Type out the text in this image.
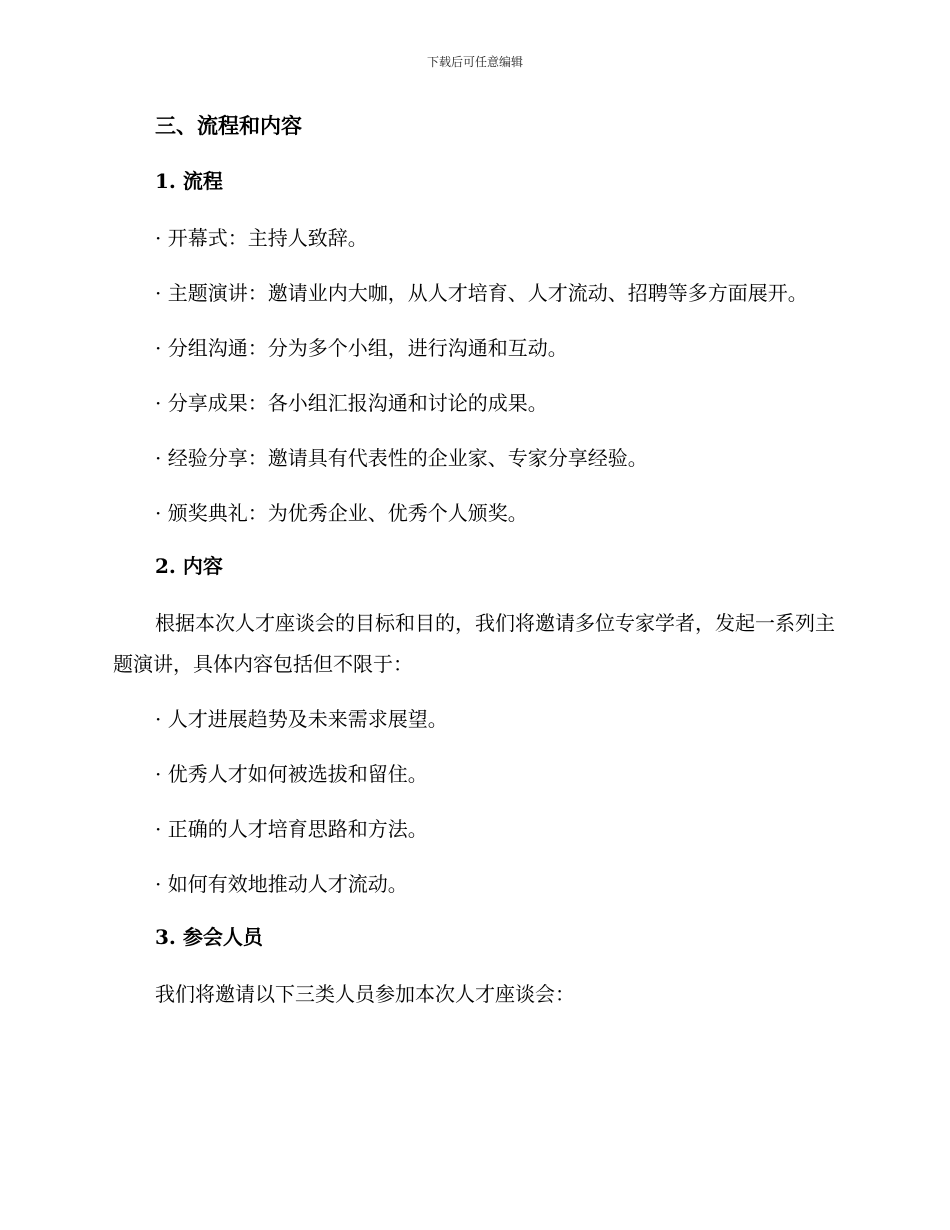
下载后可任意编辑
三、流程和内容
1. 流程
· 开幕式：主持人致辞。
· 主题演讲：邀请业内大咖，从人才培育、人才流动、招聘等多方面展开。
· 分组沟通：分为多个小组，进行沟通和互动。
· 分享成果：各小组汇报沟通和讨论的成果。
· 经验分享：邀请具有代表性的企业家、专家分享经验。
· 颁奖典礼：为优秀企业、优秀个人颁奖。
2. 内容
根据本次人才座谈会的目标和目的，我们将邀请多位专家学者，发起一系列主题演讲，具体内容包括但不限于：
· 人才进展趋势及未来需求展望。
· 优秀人才如何被选拔和留住。
· 正确的人才培育思路和方法。
· 如何有效地推动人才流动。
3. 参会人员
我们将邀请以下三类人员参加本次人才座谈会：
